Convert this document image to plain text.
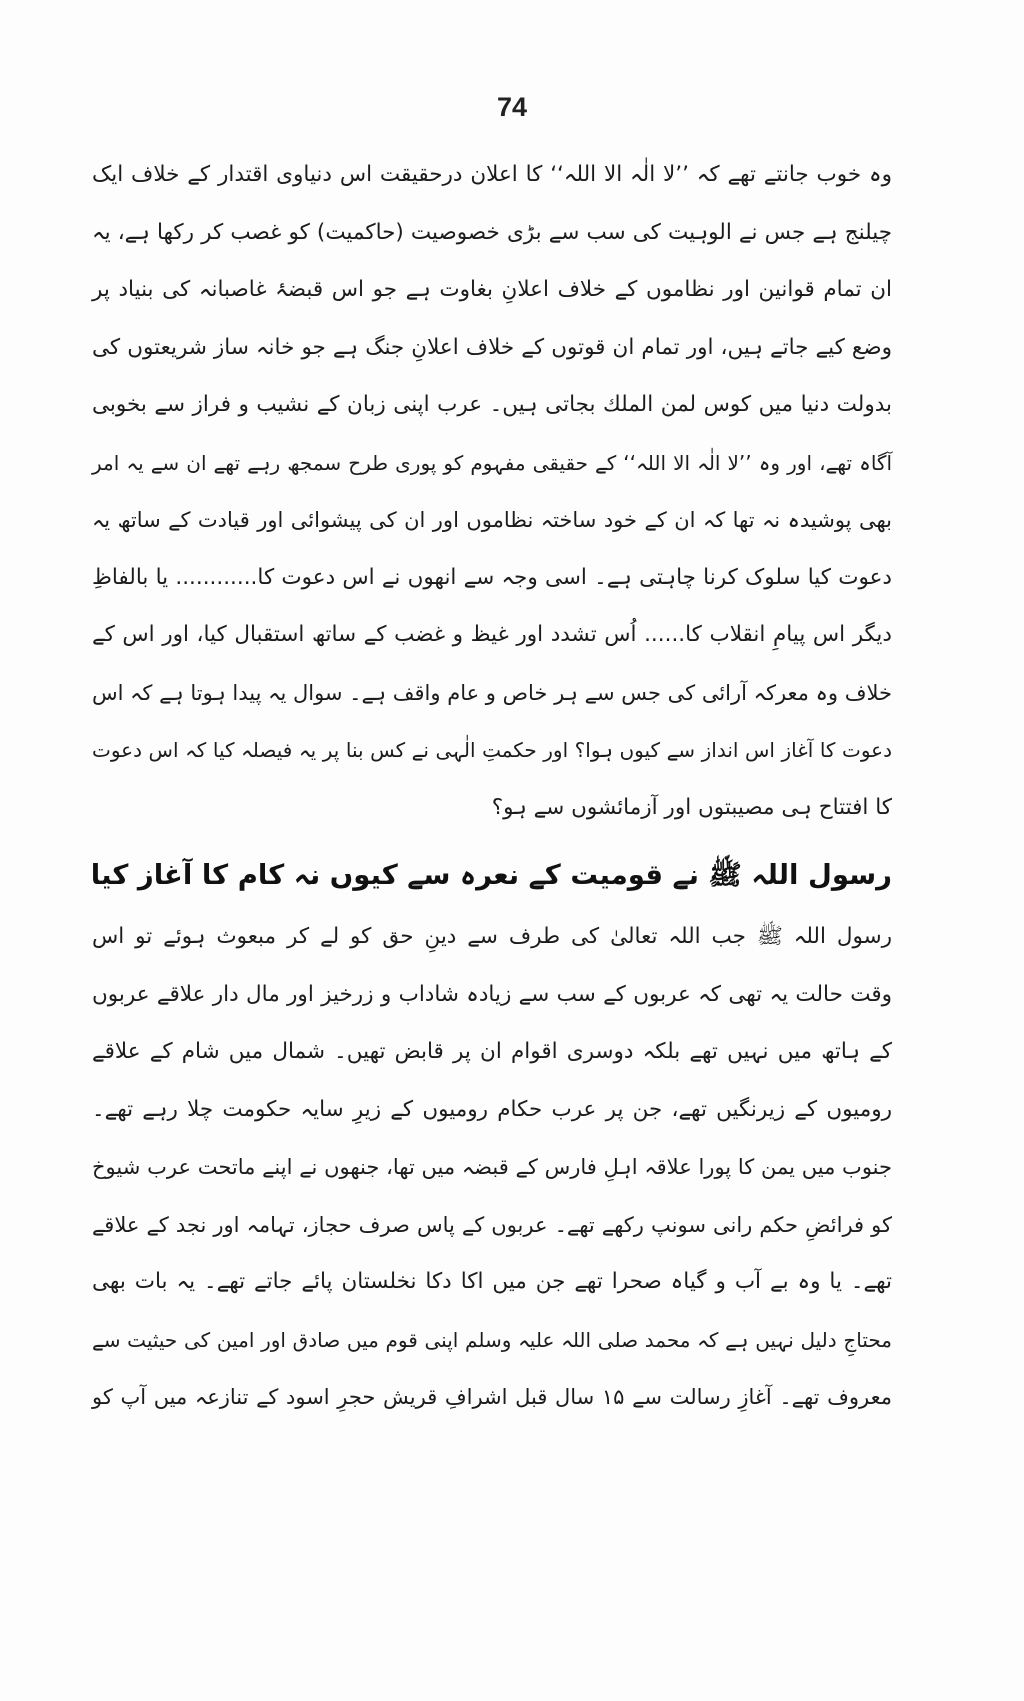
74
وہ خوب جانتے تھے کہ ’’لا الٰہ الا اللہ‘‘ کا اعلان درحقیقت اس دنیاوی اقتدار کے خلاف ایک
چیلنج ہے جس نے الوہیت کی سب سے بڑی خصوصیت (حاکمیت) کو غصب کر رکھا ہے، یہ
ان تمام قوانین اور نظاموں کے خلاف اعلانِ بغاوت ہے جو اس قبضۂ غاصبانہ کی بنیاد پر
وضع کیے جاتے ہیں، اور تمام ان قوتوں کے خلاف اعلانِ جنگ ہے جو خانہ ساز شریعتوں کی
بدولت دنیا میں کوس لمن الملك بجاتی ہیں۔ عرب اپنی زبان کے نشیب و فراز سے بخوبی
آگاہ تھے، اور وہ ’’لا الٰہ الا اللہ‘‘ کے حقیقی مفہوم کو پوری طرح سمجھ رہے تھے ان سے یہ امر
بھی پوشیدہ نہ تھا کہ ان کے خود ساختہ نظاموں اور ان کی پیشوائی اور قیادت کے ساتھ یہ
دعوت کیا سلوک کرنا چاہتی ہے۔ اسی وجہ سے انھوں نے اس دعوت کا............ یا بالفاظِ
دیگر اس پیامِ انقلاب کا...... اُس تشدد اور غیظ و غضب کے ساتھ استقبال کیا، اور اس کے
خلاف وہ معرکہ آرائی کی جس سے ہر خاص و عام واقف ہے۔ سوال یہ پیدا ہوتا ہے کہ اس
دعوت کا آغاز اس انداز سے کیوں ہوا؟ اور حکمتِ الٰہی نے کس بنا پر یہ فیصلہ کیا کہ اس دعوت
کا افتتاح ہی مصیبتوں اور آزمائشوں سے ہو؟
رسول اللہ ﷺ نے قومیت کے نعرہ سے کیوں نہ کام کا آغاز کیا
رسول اللہ ﷺ جب اللہ تعالیٰ کی طرف سے دینِ حق کو لے کر مبعوث ہوئے تو اس
وقت حالت یہ تھی کہ عربوں کے سب سے زیادہ شاداب و زرخیز اور مال دار علاقے عربوں
کے ہاتھ میں نہیں تھے بلکہ دوسری اقوام ان پر قابض تھیں۔ شمال میں شام کے علاقے
رومیوں کے زیرنگیں تھے، جن پر عرب حکام رومیوں کے زیرِ سایہ حکومت چلا رہے تھے۔
جنوب میں یمن کا پورا علاقہ اہلِ فارس کے قبضہ میں تھا، جنھوں نے اپنے ماتحت عرب شیوخ
کو فرائضِ حکم رانی سونپ رکھے تھے۔ عربوں کے پاس صرف حجاز، تہامہ اور نجد کے علاقے
تھے۔ یا وہ بے آب و گیاہ صحرا تھے جن میں اکا دکا نخلستان پائے جاتے تھے۔ یہ بات بھی
محتاجِ دلیل نہیں ہے کہ محمد صلی اللہ علیہ وسلم اپنی قوم میں صادق اور امین کی حیثیت سے
معروف تھے۔ آغازِ رسالت سے ۱۵ سال قبل اشرافِ قریش حجرِ اسود کے تنازعہ میں آپ کو
